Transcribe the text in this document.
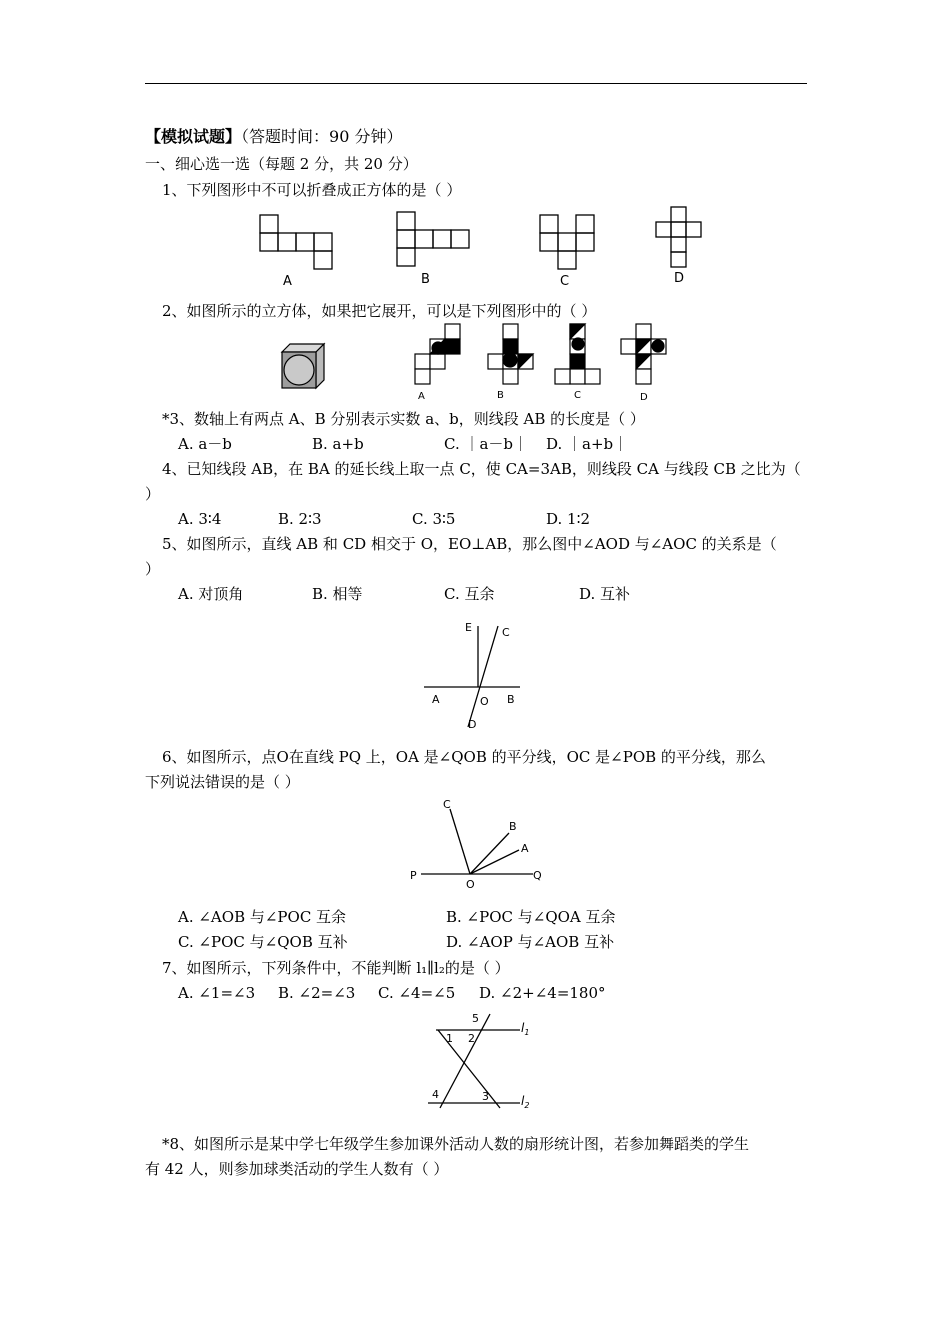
【模拟试题】（答题时间：90 分钟）
一、细心选一选（每题 2 分，共 20 分）
1、下列图形中不可以折叠成正方体的是（ ）
A	B	C	D
2、如图所示的立方体，如果把它展开，可以是下列图形中的（ ）
A	B	C	D
*3、数轴上有两点 A、B 分别表示实数 a、b，则线段 AB 的长度是（ ）
A. a－b	B. a+b	C. ｜a－b｜ D. ｜a+b｜
4、已知线段 AB，在 BA 的延长线上取一点 C，使 CA=3AB，则线段 CA 与线段 CB 之比为（
）
A. 3∶4	B. 2∶3	C. 3∶5	D. 1∶2
5、如图所示，直线 AB 和 CD 相交于 O，EO⊥AB，那么图中∠AOD 与∠AOC 的关系是（
）
A. 对顶角	B. 相等	C. 互余	D. 互补
E	C
A	O B
D
6、如图所示，点O在直线 PQ 上，OA 是∠QOB 的平分线，OC 是∠POB 的平分线，那么
下列说法错误的是（ ）
C
B
A
P
O
Q
A. ∠AOB 与∠POC 互余	B. ∠POC 与∠QOA 互余
C. ∠POC 与∠QOB 互补	D. ∠AOP 与∠AOB 互补
7、如图所示，下列条件中，不能判断 l₁∥l₂的是（ ）
A. ∠1=∠3 B. ∠2=∠3 C. ∠4=∠5 D. ∠2+∠4=180°
5
1 2
4	3
$l_1$
$l_2$
*8、如图所示是某中学七年级学生参加课外活动人数的扇形统计图，若参加舞蹈类的学生
有 42 人，则参加球类活动的学生人数有（ ）
